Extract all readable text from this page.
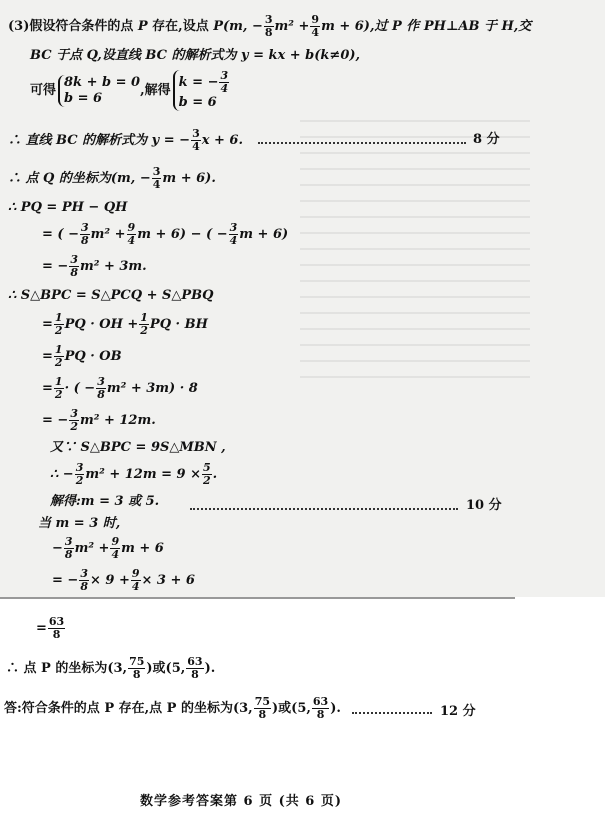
(3)假设符合条件的点 P 存在,设点 P(m, − $\frac{3}{8} m^2 + \frac{9}{4}$ m + 6),过 P 作 PH⊥AB 于 H,交
BC 于点 Q,设直线 BC 的解析式为 y = kx + b(k≠0),
可得
8k + b = 0
b = 6	,解得
k = − $\frac{3}{4}$
b = 6
∴ 直线 BC 的解析式为 y = − $\frac{3}{4}$ x + 6.	8 分
∴ 点 Q 的坐标为(m, − $\frac{3}{4}$ m + 6).
∴ PQ = PH − QH
= ( − $\frac{3}{8} m^2 + \frac{9}{4}$ m + 6) − ( − $\frac{3}{4}$ m + 6)
= − $\frac{3}{8} m^2 + 3m$.
∴ S△BPC = S△PCQ + S△PBQ
= $\frac{1}{2}$ PQ · OH + $\frac{1}{2}$ PQ · BH
= $\frac{1}{2}$ PQ · OB
= $\frac{1}{2}$ · ( − $\frac{3}{8} m^2 + 3m) \cdot 8$
= − $\frac{3}{2} m^2 + 12m$.
又∵ S△BPC = 9S△MBN ,
∴ − $\frac{3}{2} m^2 + 12m = 9 \times \frac{5}{2}$ .
解得:m = 3 或 5.	10 分
当 m = 3 时,
− $\frac{3}{8} m^2 + \frac{9}{4}$ m + 6
= − $\frac{3}{8} \times 9 + \frac{9}{4} \times 3 + 6$
= $\frac{63}{8}$
∴ 点 P 的坐标为(3, $\frac{75}{8}$ )或(5, $\frac{63}{8}$ ).
答:符合条件的点 P 存在,点 P 的坐标为(3, $\frac{75}{8}$ )或(5, $\frac{63}{8}$ ).	12 分
数学参考答案第 6 页 (共 6 页)
